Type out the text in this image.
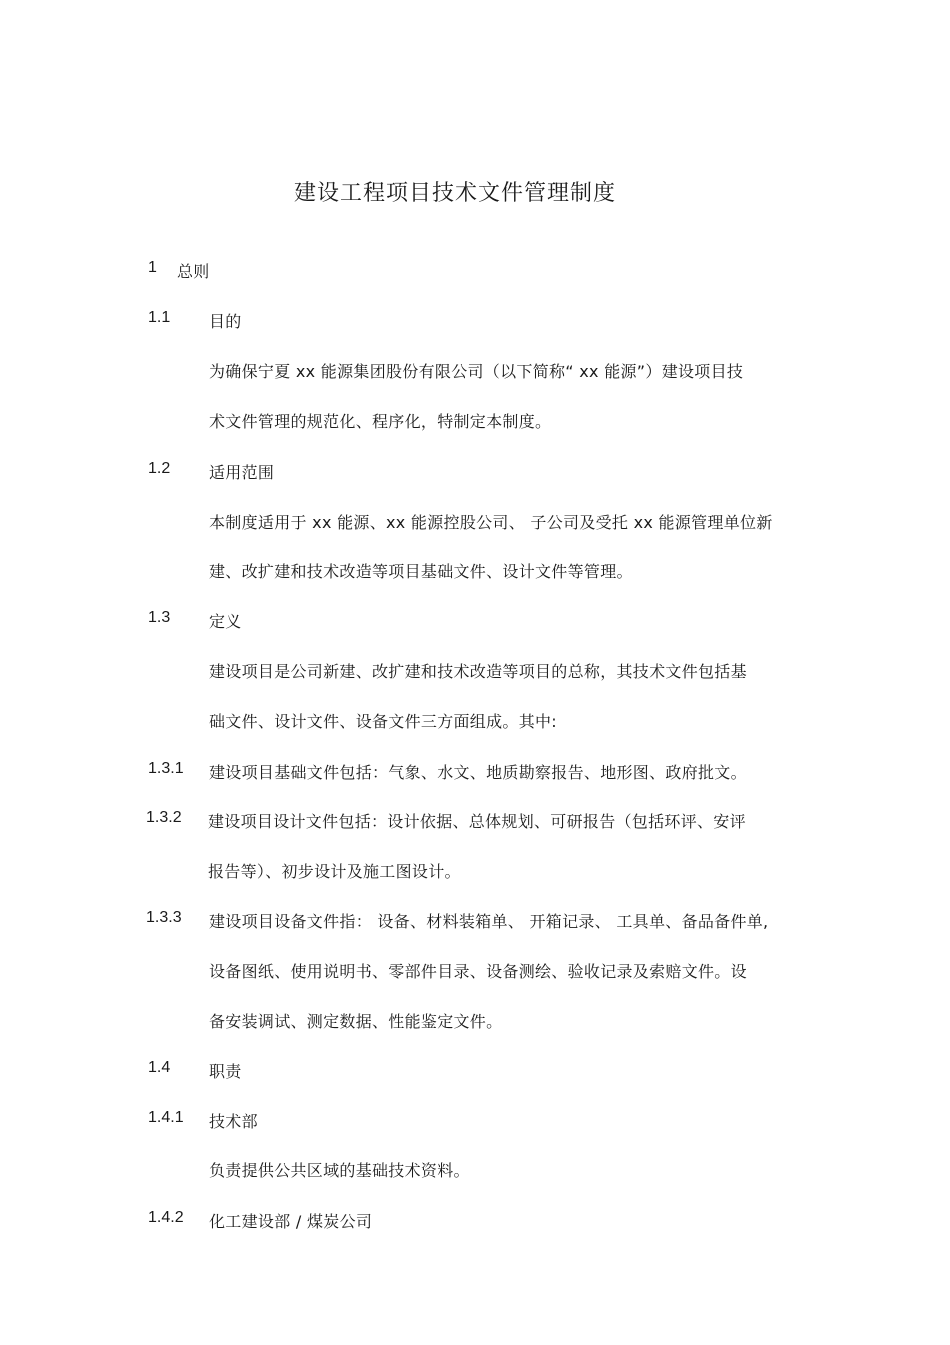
建设工程项目技术文件管理制度
1 总则
1.1 目的
为确保宁夏 xx 能源集团股份有限公司（以下简称“ xx 能源”）建设项目技
术文件管理的规范化、程序化，特制定本制度。
1.2 适用范围
本制度适用于 xx 能源、xx 能源控股公司、 子公司及受托 xx 能源管理单位新
建、改扩建和技术改造等项目基础文件、设计文件等管理。
1.3 定义
建设项目是公司新建、改扩建和技术改造等项目的总称，其技术文件包括基
础文件、设计文件、设备文件三方面组成。其中:
1.3.1 建设项目基础文件包括：气象、水文、地质勘察报告、地形图、政府批文。
1.3.2 建设项目设计文件包括：设计依据、总体规划、可研报告（包括环评、安评
报告等）、初步设计及施工图设计。
1.3.3 建设项目设备文件指： 设备、材料装箱单、 开箱记录、 工具单、备品备件单,
设备图纸、使用说明书、零部件目录、设备测绘、验收记录及索赔文件。设
备安装调试、测定数据、性能鉴定文件。
1.4 职责
1.4.1 技术部
负责提供公共区域的基础技术资料。
1.4.2 化工建设部 / 煤炭公司
